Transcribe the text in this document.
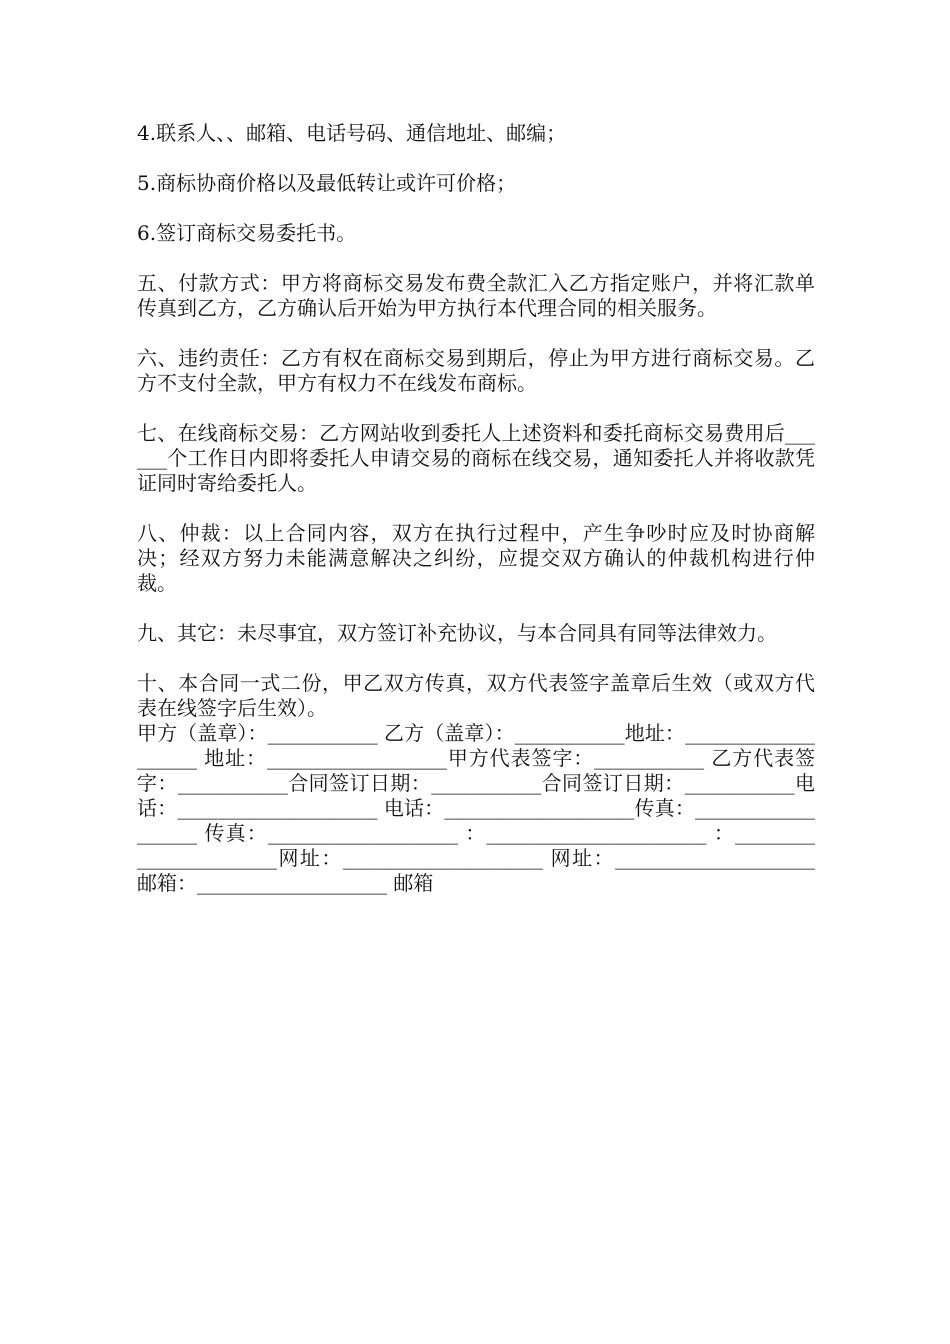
4.联系人、、邮箱、电话号码、通信地址、邮编；

5.商标协商价格以及最低转让或许可价格；

6.签订商标交易委托书。

五、付款方式：甲方将商标交易发布费全款汇入乙方指定账户，并将汇款单传真到乙方，乙方确认后开始为甲方执行本代理合同的相关服务。

六、违约责任：乙方有权在商标交易到期后，停止为甲方进行商标交易。乙方不支付全款，甲方有权力不在线发布商标。

七、在线商标交易：乙方网站收到委托人上述资料和委托商标交易费用后______个工作日内即将委托人申请交易的商标在线交易，通知委托人并将收款凭证同时寄给委托人。

八、仲裁：以上合同内容，双方在执行过程中，产生争吵时应及时协商解决；经双方努力未能满意解决之纠纷，应提交双方确认的仲裁机构进行仲裁。

九、其它：未尽事宜，双方签订补充协议，与本合同具有同等法律效力。

十、本合同一式二份，甲乙双方传真，双方代表签字盖章后生效（或双方代表在线签字后生效）。

甲方（盖章）：___________ 乙方（盖章）：___________地址：___________________ 地址：__________________甲方代表签字：___________ 乙方代表签字：___________合同签订日期：___________合同签订日期：___________电话：____________________ 电话：___________________传真：__________________ 传真：___________________ ：______________________ ：______________________网址：____________________ 网址：____________________邮箱：___________________ 邮箱
